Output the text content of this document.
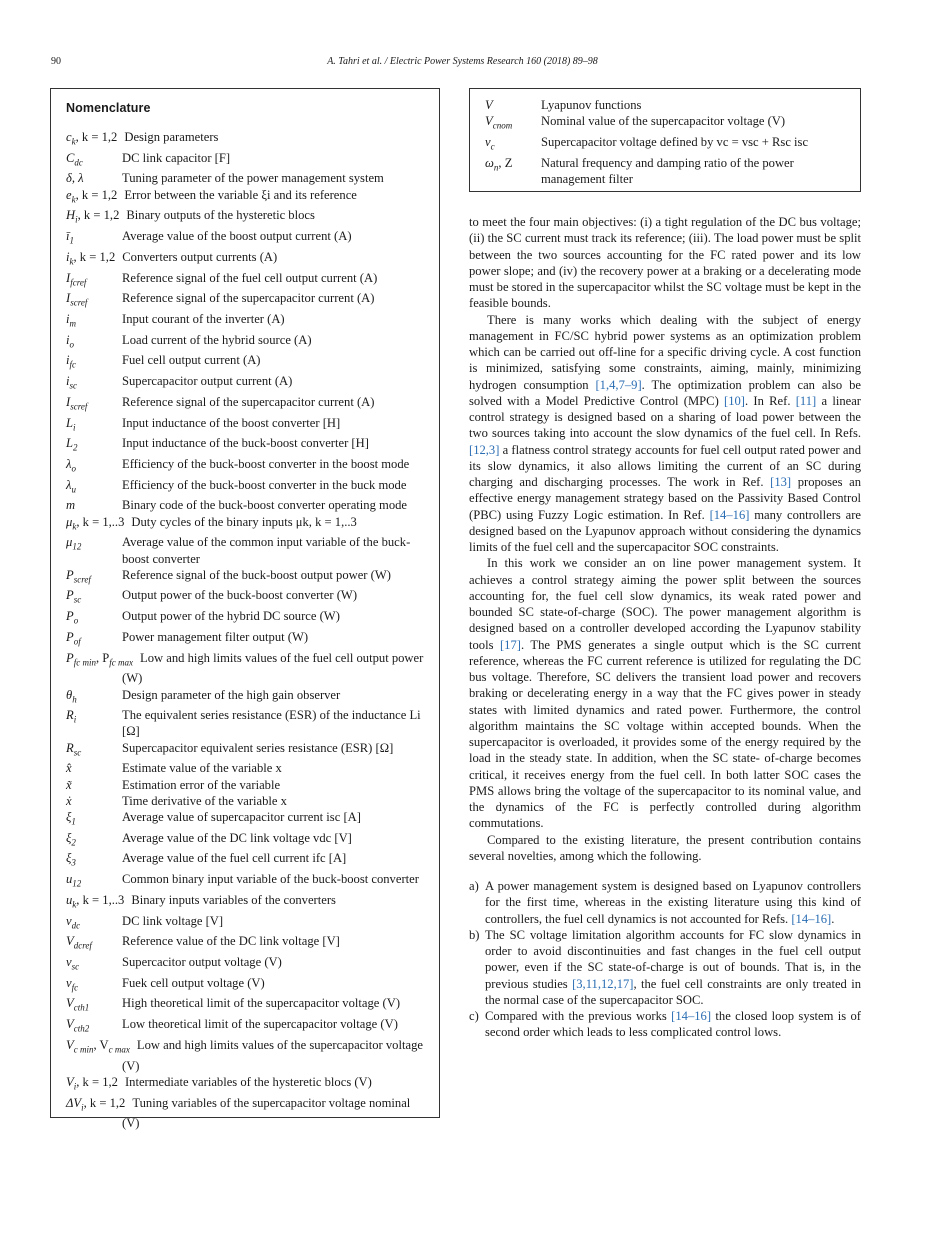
90	A. Tahri et al. / Electric Power Systems Research 160 (2018) 89–98
Nomenclature
$c_k$, k = 1,2 Design parameters
$C_{dc}$	DC link capacitor [F]
δ, λ	Tuning parameter of the power management system
$e_k$, k = 1,2 Error between the variable ξi and its reference
$H_i$, k = 1,2 Binary outputs of the hysteretic blocs
$ī_1$	Average value of the boost output current (A)
$i_k$, k = 1,2 Converters output currents (A)
$I_{fcref}$	Reference signal of the fuel cell output current (A)
$I_{scref}$	Reference signal of the supercapacitor current (A)
$i_m$	Input courant of the inverter (A)
$i_o$	Load current of the hybrid source (A)
$i_{fc}$	Fuel cell output current (A)
$i_{sc}$	Supercapacitor output current (A)
$I_{scref}$	Reference signal of the supercapacitor current (A)
$L_i$	Input inductance of the boost converter [H]
$L_2$	Input inductance of the buck-boost converter [H]
$\lambda_o$	Efficiency of the buck-boost converter in the boost mode
$\lambda_u$	Efficiency of the buck-boost converter in the buck mode
m	Binary code of the buck-boost converter operating mode
$\mu_k$, k = 1,..3 Duty cycles of the binary inputs μk, k = 1,..3
$\mu_{12}$	Average value of the common input variable of the buck-boost converter
$P_{scref}$	Reference signal of the buck-boost output power (W)
$P_{sc}$	Output power of the buck-boost converter (W)
$P_o$	Output power of the hybrid DC source (W)
$P_{of}$	Power management filter output (W)
$P_{fc min}$, $P_{fc max}$ Low and high limits values of the fuel cell output power (W)
$\theta_h$	Design parameter of the high gain observer
$R_i$	The equivalent series resistance (ESR) of the inductance Li [Ω]
$R_{sc}$	Supercapacitor equivalent series resistance (ESR) [Ω]
x̂	Estimate value of the variable x
x̃	Estimation error of the variable
ẋ	Time derivative of the variable x
$\xi_1$	Average value of supercapacitor current isc [A]
$\xi_2$	Average value of the DC link voltage vdc [V]
$\xi_3$	Average value of the fuel cell current ifc [A]
$u_{12}$	Common binary input variable of the buck-boost converter
$u_k$, k = 1,..3 Binary inputs variables of the converters
$v_{dc}$	DC link voltage [V]
$V_{dcref}$	Reference value of the DC link voltage [V]
$v_{sc}$	Supercacitor output voltage (V)
$v_{fc}$	Fuek cell output voltage (V)
$V_{cth1}$	High theoretical limit of the supercapacitor voltage (V)
$V_{cth2}$	Low theoretical limit of the supercapacitor voltage (V)
$V_{c min}$, $V_{c max}$ Low and high limits values of the supercapacitor voltage (V)
$V_i$, k = 1,2 Intermediate variables of the hysteretic blocs (V)
$\Delta V_i$, k = 1,2 Tuning variables of the supercapacitor voltage nominal (V)
V	Lyapunov functions
$V_{cnom}$	Nominal value of the supercapacitor voltage (V)
$v_c$	Supercapacitor voltage defined by vc = vsc + Rsc isc
$\omega_n$, Z	Natural frequency and damping ratio of the power management filter

to meet the four main objectives: (i) a tight regulation of the DC bus voltage; (ii) the SC current must track its reference; (iii). The load power must be split between the two sources accounting for the FC rated power and its low power slope; and (iv) the recovery power at a braking or a decelerating mode must be stored in the supercapacitor whilst the SC voltage must be kept in the feasible bounds.

There is many works which dealing with the subject of energy management in FC/SC hybrid power systems as an optimization problem which can be carried out off-line for a specific driving cycle. A cost function is minimized, satisfying some constraints, aiming, mainly, minimizing hydrogen consumption [1,4,7–9]. The optimization problem can also be solved with a Model Predictive Control (MPC) [10]. In Ref. [11] a linear control strategy is designed based on a sharing of load power between the two sources taking into account the slow dynamics of the fuel cell. In Refs. [12,3] a flatness control strategy accounts for fuel cell output rated power and its slow dynamics, it also allows limiting the current of an SC during charging and discharging processes. The work in Ref. [13] proposes an effective energy management strategy based on the Passivity Based Control (PBC) using Fuzzy Logic estimation. In Ref. [14–16] many controllers are designed based on the Lyapunov approach without considering the dynamics limits of the fuel cell and the supercapacitor SOC constraints.

In this work we consider an on line power management system. It achieves a control strategy aiming the power split between the sources accounting for, the fuel cell slow dynamics, its weak rated power and bounded SC state-of-charge (SOC). The power management algorithm is designed based on a controller developed according the Lyapunov stability tools [17]. The PMS generates a single output which is the SC current reference, whereas the FC current reference is utilized for regulating the DC bus voltage. Therefore, SC delivers the transient load power and recovers braking or decelerating energy in a way that the FC gives power in steady states with limited dynamics and rated power. Furthermore, the control algorithm maintains the SC voltage within accepted bounds. When the supercapacitor is overloaded, it provides some of the energy required by the load in the steady state. In addition, when the SC state- of-charge becomes critical, it receives energy from the fuel cell. In both latter SOC cases the PMS allows bring the voltage of the supercapacitor to its nominal value, and the dynamics of the FC is perfectly controlled during algorithm commutations.

Compared to the existing literature, the present contribution contains several novelties, among which the following.

a) A power management system is designed based on Lyapunov controllers for the first time, whereas in the existing literature using this kind of controllers, the fuel cell dynamics is not accounted for Refs. [14–16].
b) The SC voltage limitation algorithm accounts for FC slow dynamics in order to avoid discontinuities and fast changes in the fuel cell output power, even if the SC state-of-charge is out of bounds. That is, in the previous studies [3,11,12,17], the fuel cell constraints are only treated in the normal case of the supercapacitor SOC.
c) Compared with the previous works [14–16] the closed loop system is of second order which leads to less complicated control lows.
